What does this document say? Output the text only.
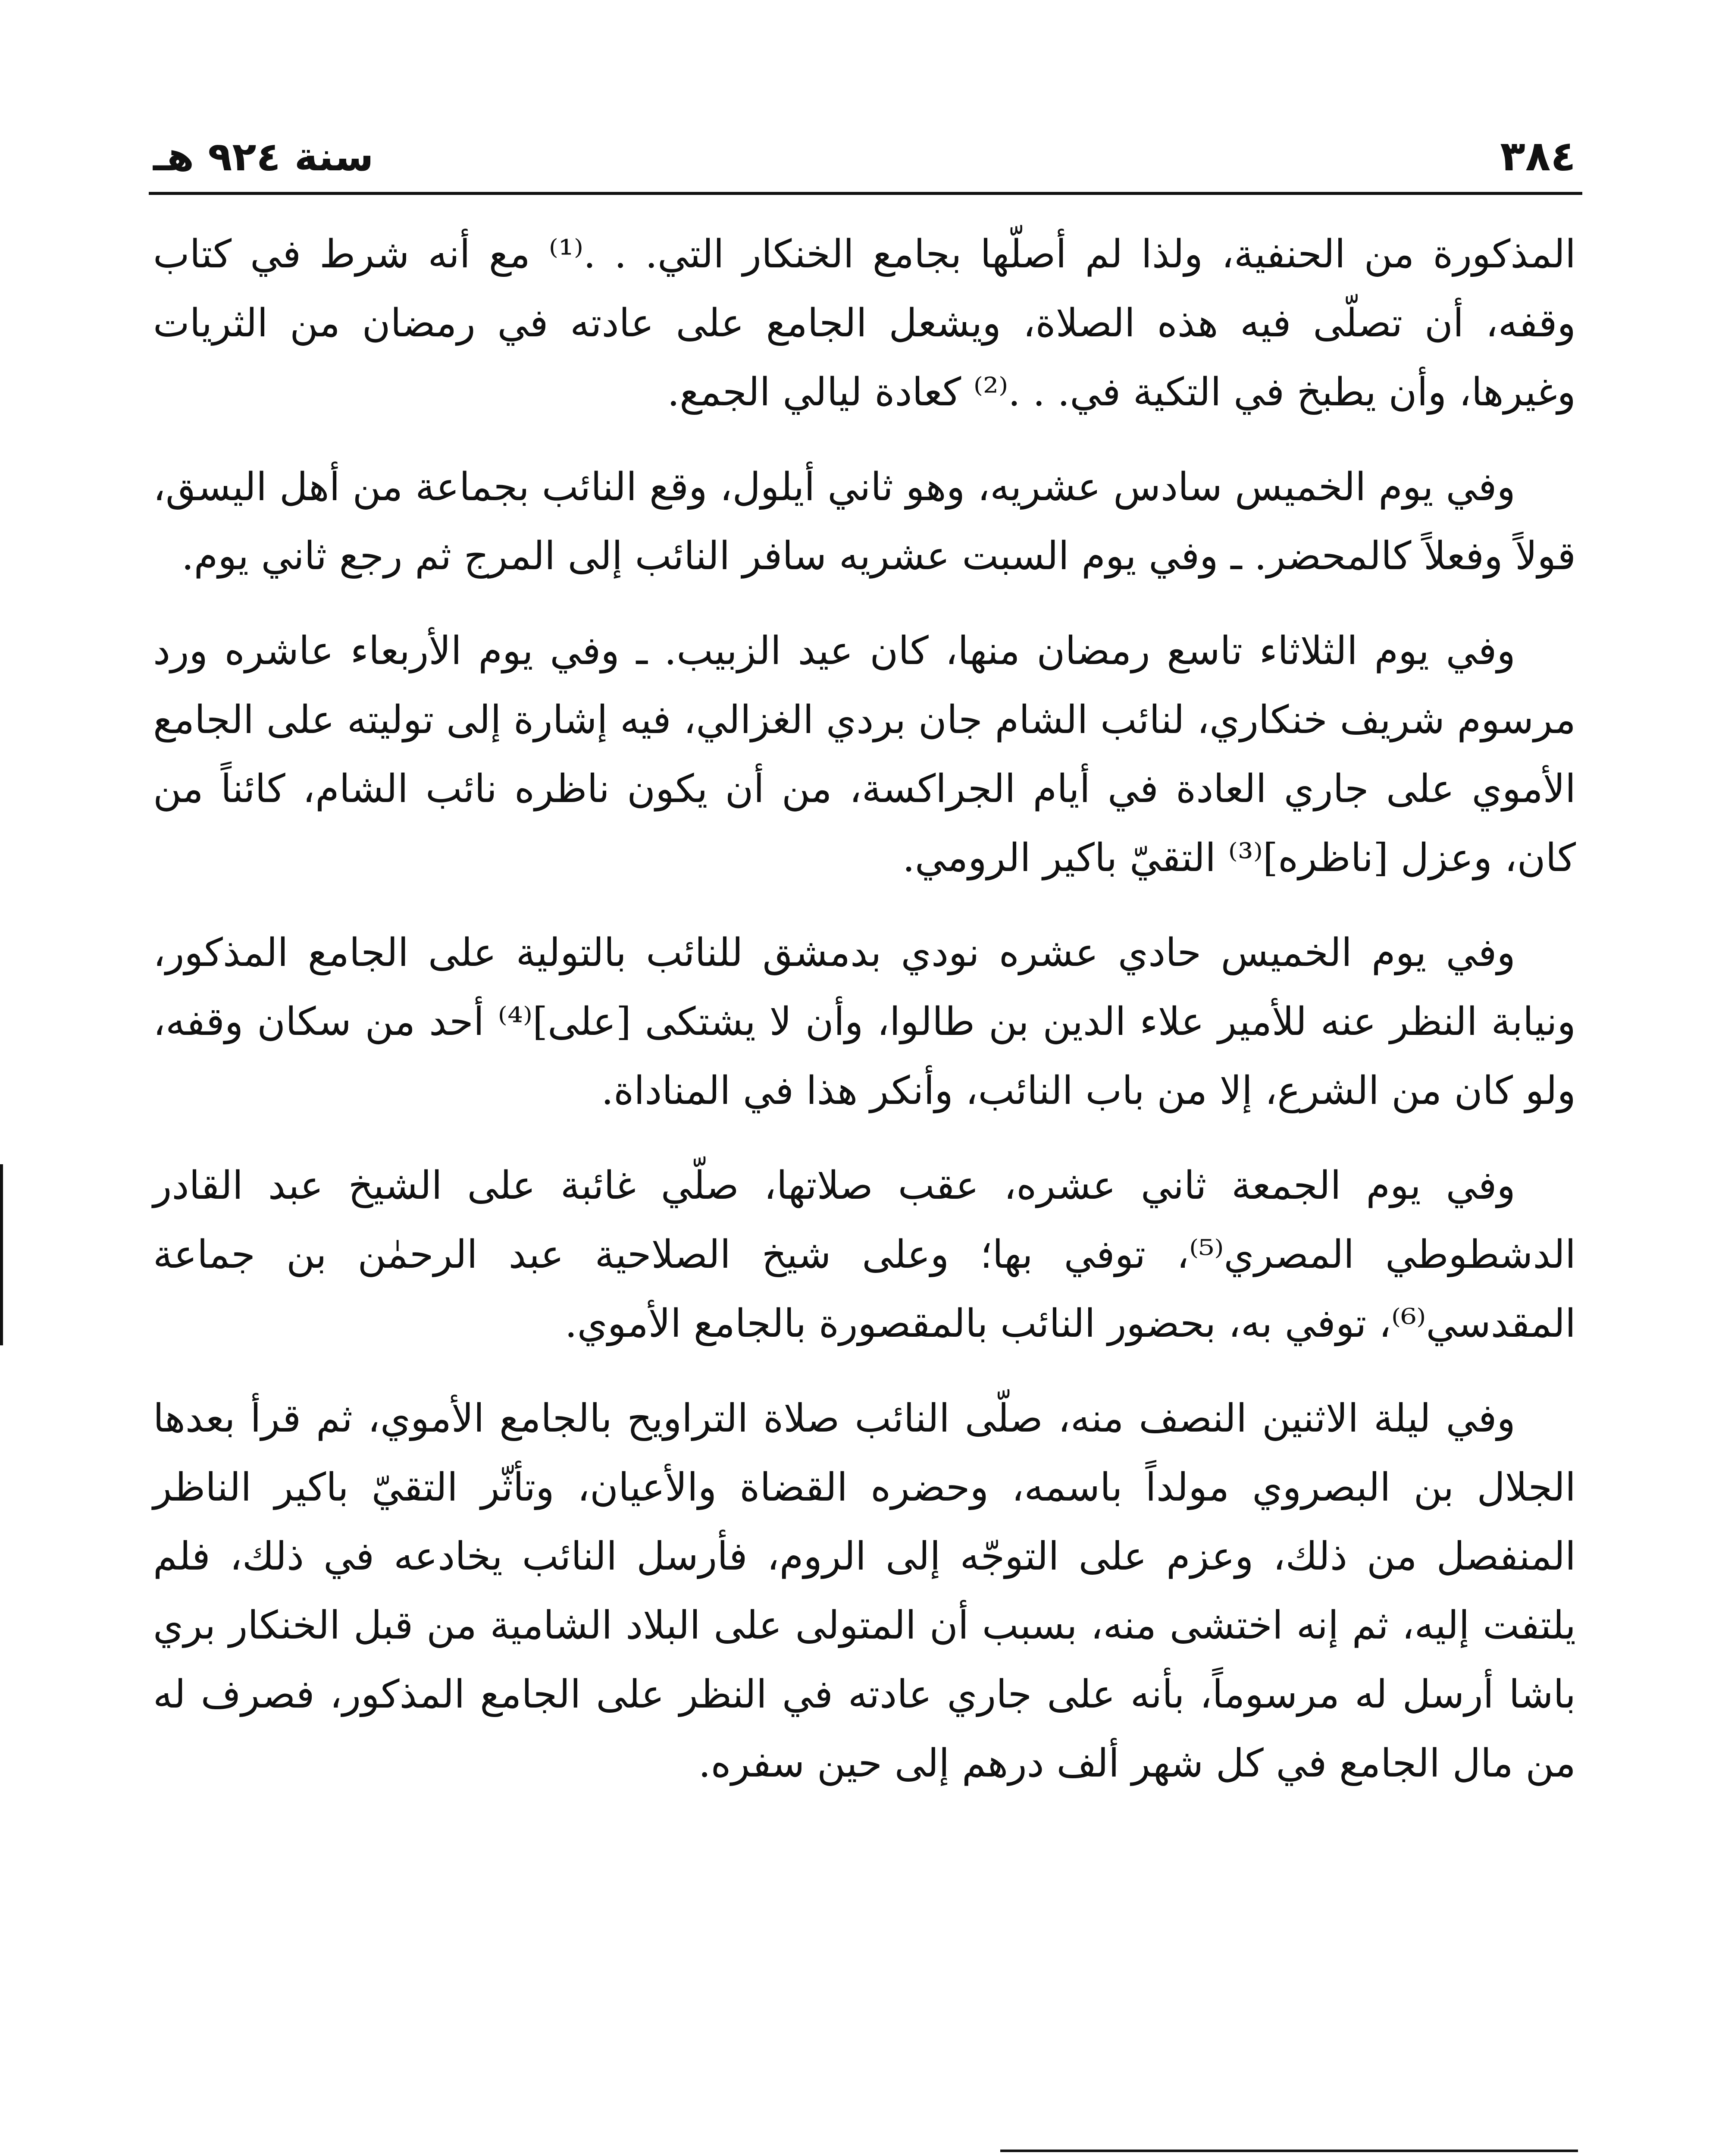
٣٨٤
سنة ٩٢٤ هـ

المذكورة من الحنفية، ولذا لم أصلّها بجامع الخنكار التي. . .⁽¹⁾ مع أنه شرط في كتاب وقفه، أن تصلّى فيه هذه الصلاة، ويشعل الجامع على عادته في رمضان من الثريات وغيرها، وأن يطبخ في التكية في. . .⁽²⁾ كعادة ليالي الجمع.

وفي يوم الخميس سادس عشريه، وهو ثاني أيلول، وقع النائب بجماعة من أهل اليسق، قولاً وفعلاً كالمحضر. ـ وفي يوم السبت عشريه سافر النائب إلى المرج ثم رجع ثاني يوم.

وفي يوم الثلاثاء تاسع رمضان منها، كان عيد الزبيب. ـ وفي يوم الأربعاء عاشره ورد مرسوم شريف خنكاري، لنائب الشام جان بردي الغزالي، فيه إشارة إلى توليته على الجامع الأموي على جاري العادة في أيام الجراكسة، من أن يكون ناظره نائب الشام، كائناً من كان، وعزل [ناظره]⁽³⁾ التقيّ باكير الرومي.

وفي يوم الخميس حادي عشره نودي بدمشق للنائب بالتولية على الجامع المذكور، ونيابة النظر عنه للأمير علاء الدين بن طالوا، وأن لا يشتكى [على]⁽⁴⁾ أحد من سكان وقفه، ولو كان من الشرع، إلا من باب النائب، وأنكر هذا في المناداة.

وفي يوم الجمعة ثاني عشره، عقب صلاتها، صلّي غائبة على الشيخ عبد القادر الدشطوطي المصري⁽⁵⁾، توفي بها؛ وعلى شيخ الصلاحية عبد الرحمٰن بن جماعة المقدسي⁽⁶⁾، توفي به، بحضور النائب بالمقصورة بالجامع الأموي.

وفي ليلة الاثنين النصف منه، صلّى النائب صلاة التراويح بالجامع الأموي، ثم قرأ بعدها الجلال بن البصروي مولداً باسمه، وحضره القضاة والأعيان، وتأثّر التقيّ باكير الناظر المنفصل من ذلك، وعزم على التوجّه إلى الروم، فأرسل النائب يخادعه في ذلك، فلم يلتفت إليه، ثم إنه اختشى منه، بسبب أن المتولى على البلاد الشامية من قبل الخنكار بري باشا أرسل له مرسوماً، بأنه على جاري عادته في النظر على الجامع المذكور، فصرف له من مال الجامع في كل شهر ألف درهم إلى حين سفره.
